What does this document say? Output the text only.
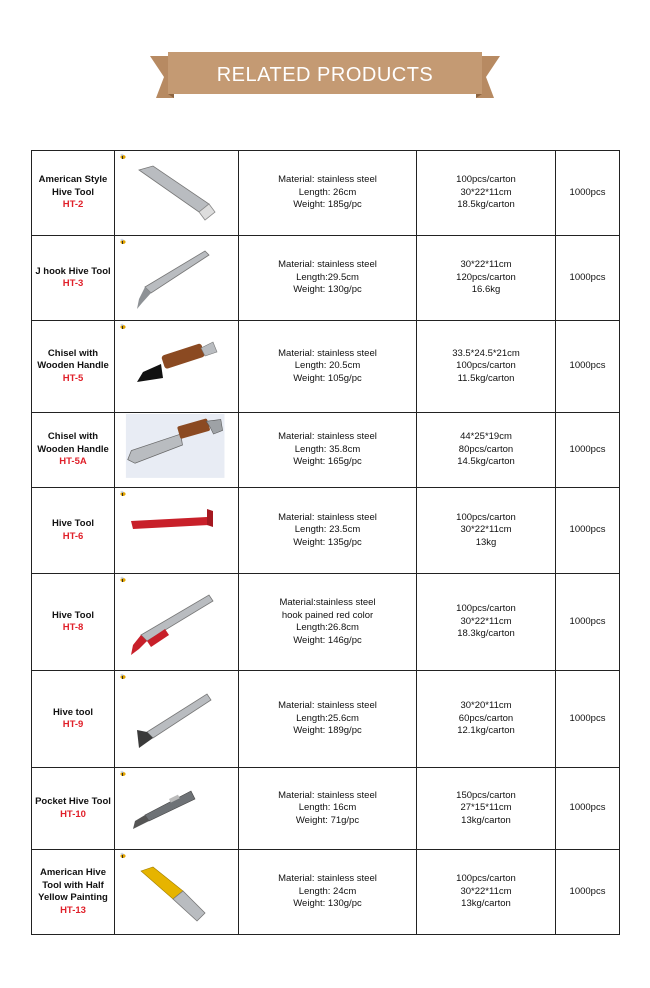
RELATED PRODUCTS
American Style Hive Tool
HT-2		Material: stainless steel
Length: 26cm
Weight: 185g/pc	100pcs/carton
30*22*11cm
18.5kg/carton	1000pcs

J hook Hive Tool
HT-3		Material: stainless steel
Length:29.5cm
Weight: 130g/pc	30*22*11cm
120pcs/carton
16.6kg	1000pcs

Chisel with Wooden Handle
HT-5		Material: stainless steel
Length: 20.5cm
Weight: 105g/pc	33.5*24.5*21cm
100pcs/carton
11.5kg/carton	1000pcs

Chisel with Wooden Handle
HT-5A		Material: stainless steel
Length: 35.8cm
Weight: 165g/pc	44*25*19cm
80pcs/carton
14.5kg/carton	1000pcs

Hive Tool
HT-6		Material: stainless steel
Length: 23.5cm
Weight: 135g/pc	100pcs/carton
30*22*11cm
13kg	1000pcs

Hive Tool
HT-8		Material:stainless steel
hook pained red color
Length:26.8cm
Weight: 146g/pc	100pcs/carton
30*22*11cm
18.3kg/carton	1000pcs

Hive tool
HT-9		Material: stainless steel
Length:25.6cm
Weight: 189g/pc	30*20*11cm
60pcs/carton
12.1kg/carton	1000pcs

Pocket Hive Tool
HT-10		Material: stainless steel
Length: 16cm
Weight: 71g/pc	150pcs/carton
27*15*11cm
13kg/carton	1000pcs

American Hive Tool with Half Yellow Painting
HT-13		Material: stainless steel
Length: 24cm
Weight: 130g/pc	100pcs/carton
30*22*11cm
13kg/carton	1000pcs
